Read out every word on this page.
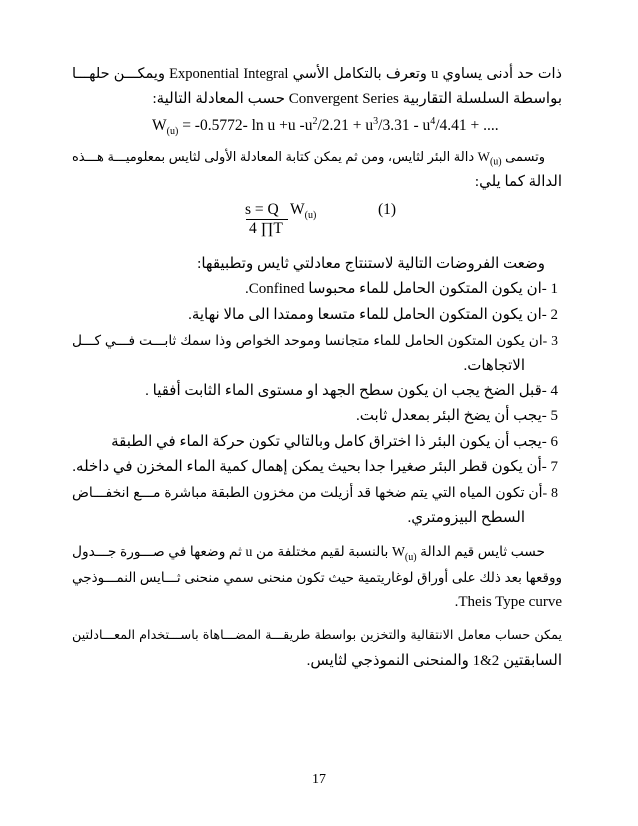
ذات حد أدنى يساوي u وتعرف بالتكامل الأسي Exponential Integral ويمكـــن حلهـــا
بواسطة السلسلة التقاربية Convergent Series حسب المعادلة التالية:
$W_{(u)} = -0.5772-$ ln u +u $-u^2/2.21 + u^3/3.31 - u^4/4.41$ + ....
وتسمى $W_{(u)}$ دالة البئر لثايس، ومن ثم يمكن كتابة المعادلة الأولى لثايس بمعلوميـــة هـــذه
الدالة كما يلي:
s = Q $W_{(u)}$	(1)
4 ∏T
وضعت الفروضات التالية لاستنتاج معادلتي ثايس وتطبيقها:
1 -ان يكون المتكون الحامل للماء محبوسا Confined.
2 -ان يكون المتكون الحامل للماء متسعا وممتدا الى مالا نهاية.
3 -ان يكون المتكون الحامل للماء متجانسا وموحد الخواص وذا سمك ثابـــت فـــي كـــل
الاتجاهات.
4 -قبل الضخ يجب ان يكون سطح الجهد او مستوى الماء الثابت أفقيا .
5 -يجب أن يضخ البئر بمعدل ثابت.
6 -يجب أن يكون البئر ذا اختراق كامل وبالتالي تكون حركة الماء في الطبقة
7 -أن يكون قطر البئر صغيرا جدا بحيث يمكن إهمال كمية الماء المخزن في داخله.
8 -أن تكون المياه التي يتم ضخها قد أزيلت من مخزون الطبقة مباشرة مـــع انخفـــاض
السطح البيزومتري.
حسب ثايس قيم الدالة $W_{(u)}$ بالنسبة لقيم مختلفة من u ثم وضعها في صـــورة جـــدول
ووقعها بعد ذلك على أوراق لوغاريتمية حيث تكون منحنى سمي منحنى ثـــايس النمـــوذجي
Theis Type curve.
يمكن حساب معامل الانتقالية والتخزين بواسطة طريقـــة المضـــاهاة باســـتخدام المعـــادلتين
السابقتين 1&2 والمنحنى النموذجي لثايس.
17
